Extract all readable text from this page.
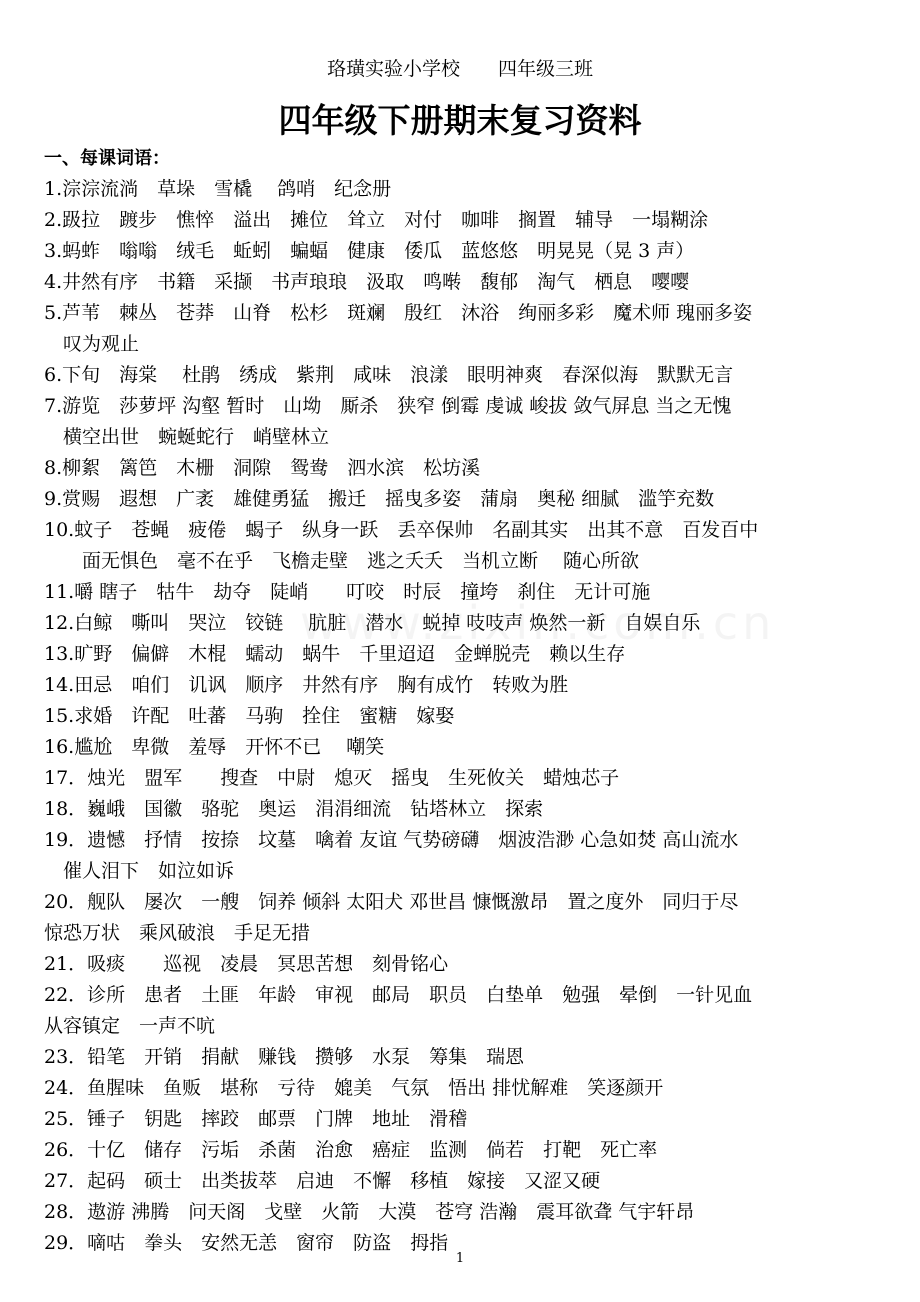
珞璜实验小学校　　四年级三班
四年级下册期末复习资料
一、每课词语：
1.淙淙流淌　草垛　雪橇　 鸽哨　纪念册
2.趿拉　踱步　憔悴　溢出　摊位　耸立　对付　咖啡　搁置　辅导　一塌糊涂
3.蚂蚱　嗡嗡　绒毛　蚯蚓　蝙蝠　健康　倭瓜　蓝悠悠　明晃晃（晃 3 声）
4.井然有序　书籍　采撷　书声琅琅　汲取　鸣啭　馥郁　淘气　栖息　嘤嘤
5.芦苇　棘丛　苍莽　山脊　松杉　斑斓　殷红　沐浴　绚丽多彩　魔术师 瑰丽多姿
　叹为观止
6.下旬　海棠　 杜鹃　绣成　紫荆　咸味　浪漾　眼明神爽　春深似海　默默无言
7.游览　莎萝坪 沟壑 暂时　山坳　厮杀　狭窄 倒霉 虔诚 峻拔 敛气屏息 当之无愧
　横空出世　蜿蜒蛇行　峭壁林立
8.柳絮　篱笆　木栅　洞隙　鸳鸯　泗水滨　松坊溪
9.赏赐　遐想　广袤　雄健勇猛　搬迁　摇曳多姿　蒲扇　奥秘 细腻　滥竽充数
10.蚊子　苍蝇　疲倦　蝎子　纵身一跃　丢卒保帅　名副其实　出其不意　百发百中
　　面无惧色　毫不在乎　飞檐走壁　逃之夭夭　当机立断　 随心所欲
11.嚼 瞎子　牯牛　劫夺　陡峭　　叮咬　时辰　撞垮　刹住　无计可施
12.白鲸　嘶叫　哭泣　铰链　 肮脏　潜水　蜕掉 吱吱声 焕然一新　自娱自乐
13.旷野　偏僻　木棍　蠕动　蜗牛　千里迢迢　金蝉脱壳　赖以生存
14.田忌　咱们　讥讽　顺序　井然有序　胸有成竹　转败为胜
15.求婚　许配　吐蕃　马驹　拴住　蜜糖　嫁娶
16.尴尬　卑微　羞辱　开怀不已　 嘲笑
17．烛光　盟军　　搜查　中尉　熄灭　摇曳　生死攸关　蜡烛芯子
18．巍峨　国徽　骆驼　奥运　涓涓细流　钻塔林立　探索
19．遗憾　抒情　按捺　坟墓　噙着 友谊 气势磅礴　烟波浩渺 心急如焚 高山流水
　催人泪下　如泣如诉
20．舰队　屡次　一艘　饲养 倾斜 太阳犬 邓世昌 慷慨激昂　置之度外　同归于尽
惊恐万状　乘风破浪　手足无措
21．吸痰　　巡视　凌晨　冥思苦想　刻骨铭心
22．诊所　患者　土匪　年龄　审视　邮局　职员　白垫单　勉强　晕倒　一针见血
从容镇定　一声不吭
23．铅笔　开销　捐献　赚钱　攒够　水泵　筹集　瑞恩
24．鱼腥味　鱼贩　堪称　亏待　媲美　气氛　悟出 排忧解难　笑逐颜开
25．锤子　钥匙　摔跤　邮票　门牌　地址　滑稽
26．十亿　储存　污垢　杀菌　治愈　癌症　监测　倘若　打靶　死亡率
27．起码　硕士　出类拔萃　启迪　不懈　移植　嫁接　又涩又硬
28．遨游 沸腾　问天阁　戈壁　火箭　大漠　苍穹 浩瀚　震耳欲聋 气宇轩昂
29．嘀咕　拳头　安然无恙　窗帘　防盗　拇指
1
